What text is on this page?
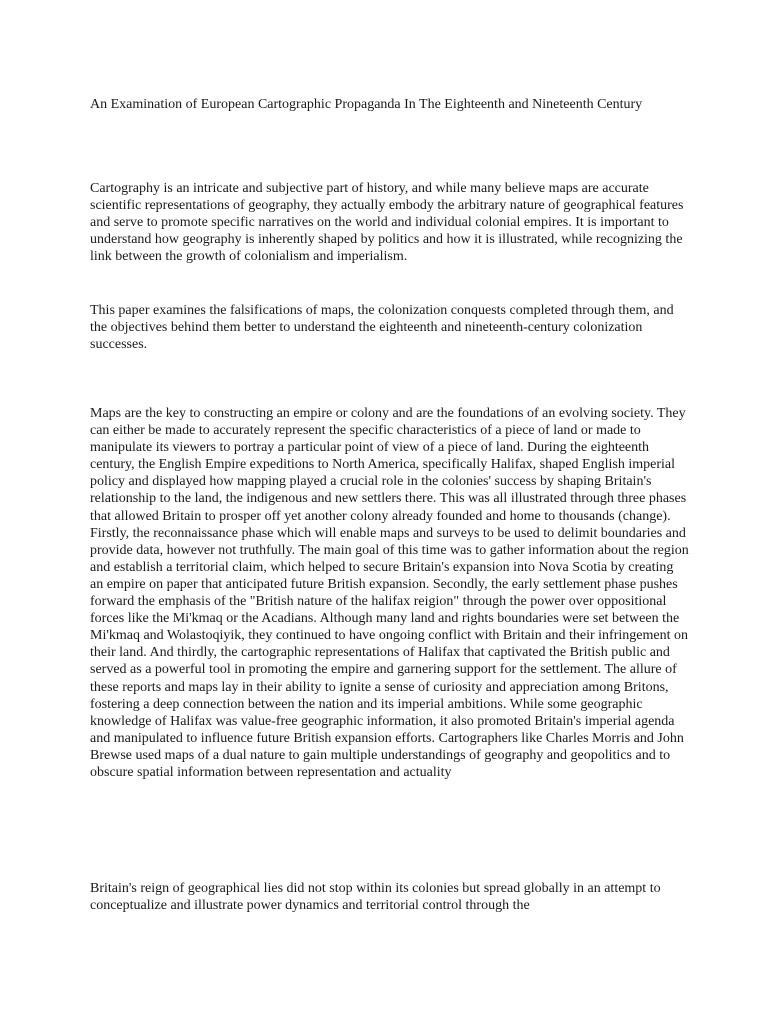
An Examination of European Cartographic Propaganda In The Eighteenth and Nineteenth Century

Cartography is an intricate and subjective part of history, and while many believe maps are accurate scientific representations of geography, they actually embody the arbitrary nature of geographical features and serve to promote specific narratives on the world and individual colonial empires. It is important to understand how geography is inherently shaped by politics and how it is illustrated, while recognizing the link between the growth of colonialism and imperialism.

This paper examines the falsifications of maps, the colonization conquests completed through them, and the objectives behind them better to understand the eighteenth and nineteenth-century colonization successes.

Maps are the key to constructing an empire or colony and are the foundations of an evolving society. They can either be made to accurately represent the specific characteristics of a piece of land or made to manipulate its viewers to portray a particular point of view of a piece of land. During the eighteenth century, the English Empire expeditions to North America, specifically Halifax, shaped English imperial policy and displayed how mapping played a crucial role in the colonies' success by shaping Britain's relationship to the land, the indigenous and new settlers there. This was all illustrated through three phases that allowed Britain to prosper off yet another colony already founded and home to thousands (change). Firstly, the reconnaissance phase which will enable maps and surveys to be used to delimit boundaries and provide data, however not truthfully. The main goal of this time was to gather information about the region and establish a territorial claim, which helped to secure Britain's expansion into Nova Scotia by creating an empire on paper that anticipated future British expansion. Secondly, the early settlement phase pushes forward the emphasis of the "British nature of the halifax reigion" through the power over oppositional forces like the Mi'kmaq or the Acadians. Although many land and rights boundaries were set between the Mi'kmaq and Wolastoqiyik, they continued to have ongoing conflict with Britain and their infringement on their land. And thirdly, the cartographic representations of Halifax that captivated the British public and served as a powerful tool in promoting the empire and garnering support for the settlement. The allure of these reports and maps lay in their ability to ignite a sense of curiosity and appreciation among Britons, fostering a deep connection between the nation and its imperial ambitions. While some geographic knowledge of Halifax was value-free geographic information, it also promoted Britain's imperial agenda and manipulated to influence future British expansion efforts. Cartographers like Charles Morris and John Brewse used maps of a dual nature to gain multiple understandings of geography and geopolitics and to obscure spatial information between representation and actuality

Britain's reign of geographical lies did not stop within its colonies but spread globally in an attempt to conceptualize and illustrate power dynamics and territorial control through the
